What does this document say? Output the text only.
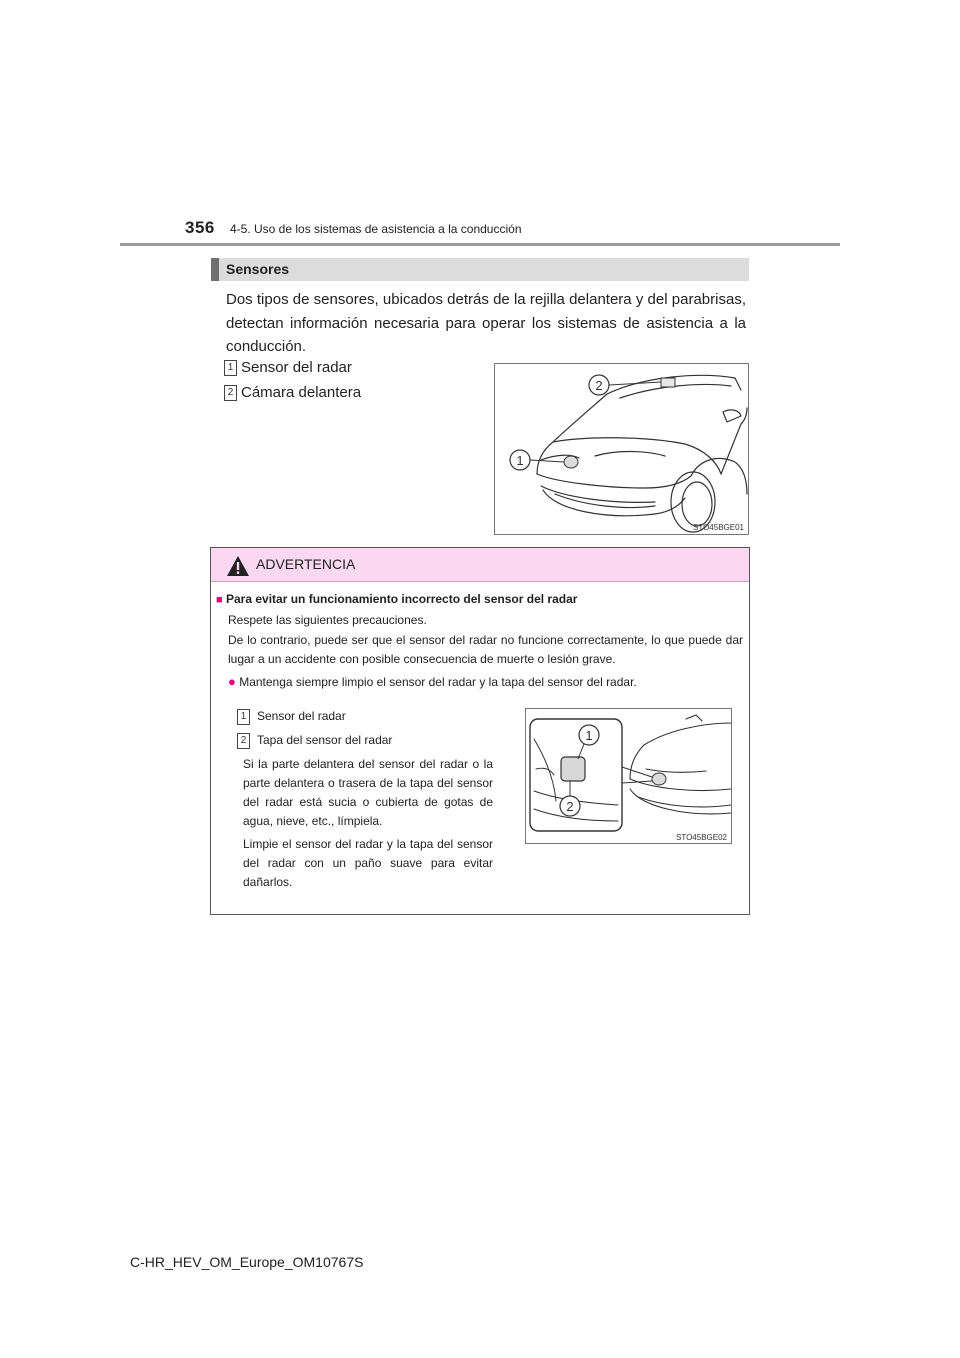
356 4-5. Uso de los sistemas de asistencia a la conducción
Sensores
Dos tipos de sensores, ubicados detrás de la rejilla delantera y del parabrisas, detectan información necesaria para operar los sistemas de asistencia a la conducción.
1 Sensor del radar
2 Cámara delantera	2
1
STO45BGE01
ADVERTENCIA
■ Para evitar un funcionamiento incorrecto del sensor del radar
Respete las siguientes precauciones.
De lo contrario, puede ser que el sensor del radar no funcione correctamente, lo que puede dar lugar a un accidente con posible consecuencia de muerte o lesión grave.
● Mantenga siempre limpio el sensor del radar y la tapa del sensor del radar.
1 Sensor del radar
2 Tapa del sensor del radar
Si la parte delantera del sensor del radar o la parte delantera o trasera de la tapa del sensor del radar está sucia o cubierta de gotas de agua, nieve, etc., límpiela.
Limpie el sensor del radar y la tapa del sensor del radar con un paño suave para evitar dañarlos.
1
2
STO45BGE02
C-HR_HEV_OM_Europe_OM10767S
